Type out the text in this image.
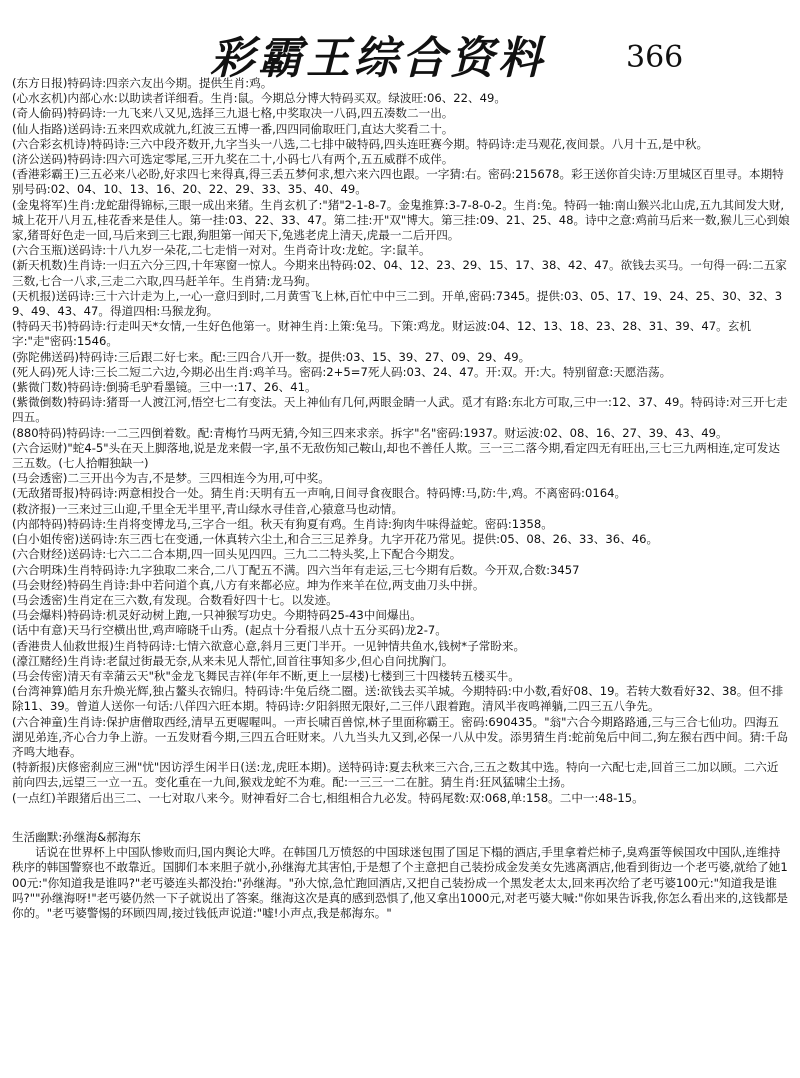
彩霸王综合资料	366
(东方日报)特码诗:四亲六友出今期。提供生肖:鸡。
(心水玄机)内部心水:以助读者详细看。生肖:鼠。今期总分博大特码买双。绿波旺:06、22、49。
(奇人偷码)特码诗:一九飞来八又见,选择三九退七格,中奖取决一八码,四五凑数二一出。
(仙人指路)送码诗:五来四欢成就九,红波三五博一番,四四同偷取旺门,直达大奖看二十。
(六合彩玄机诗)特码诗:三六中段齐数开,九字当头一八选,二七排中破特码,四头连旺赛今期。特码诗:走马观花,夜间景。八月十五,是中秋。
(济公送码)特码诗:四六可选定零尾,三开九奖在二十,小码七八有两个,五五威群不成伴。
(香港彩霸王)三五必来八必盼,好求四七来得真,得三丢五梦何求,想六来六四也跟。一字猜:右。密码:215678。彩王送你首尖诗:万里城区百里寻。本期特别号码:02、04、10、13、16、20、22、29、33、35、40、49。
(金鬼将军)生肖:龙蛇甜得锦标,三眼一成出来猪。生肖玄机了:"猪"2-1-8-7。金鬼推算:3-7-8-0-2。生肖:兔。特码一轴:南山猴兴北山虎,五九其间发大财,城上花开八月五,桂花香来是佳人。第一挂:03、22、33、47。第二挂:开"双"博大。第三挂:09、21、25、48。诗中之意:鸡前马后来一数,猴儿三心到娘家,猪哥好色走一回,马后来到三七跟,狗胆第一闻天下,兔逃老虎上清天,虎最一二后开四。
(六合玉瓶)送码诗:十八九岁一朵花,二七走悄一对对。生肖奇计攻:龙蛇。字:鼠羊。
(新天机数)生肖诗:一归五六分三四,十年寒窗一惊人。今期来出特码:02、04、12、23、29、15、17、38、42、47。欲钱去买马。一句得一码:二五家三数,七合一八求,三走二六取,四马赶羊年。生肖猜:龙马狗。
(天机报)送码诗:三十六计走为上,一心一意归到时,二月黄雪飞上林,百忙中中三二到。开单,密码:7345。提供:03、05、17、19、24、25、30、32、39、49、43、47。得道四相:马猴龙狗。
(特码天书)特码诗:行走叫天*女情,一生好色他第一。财神生肖:上策:兔马。下策:鸡龙。财运波:04、12、13、18、23、28、31、39、47。玄机字:"走"密码:1546。
(弥陀佛送码)特码诗:三后跟二好七来。配:三四合八开一数。提供:03、15、39、27、09、29、49。
(死人码)死人诗:三长二短二六边,今期必出生肖:鸡羊马。密码:2+5=7死人码:03、24、47。开:双。开:大。特别留意:天愿浩荡。
(紫微门数)特码诗:倒骑毛驴看墨镜。三中一:17、26、41。
(紫微倒数)特码诗:猪哥一人渡江河,悟空七二有变法。天上神仙有几何,两眼金睛一人武。觅才有路:东北方可取,三中一:12、37、49。特码诗:对三开七走四五。
(880特码)特码诗:一二三四倒着数。配:青梅竹马两无猜,今知三四来求亲。拆字"名"密码:1937。财运波:02、08、16、27、39、43、49。
(六合运财)"蛇4-5"头在天上脚落地,说是龙来假一字,虽不无敌伤知己鞍山,却也不善任人欺。三一三二落今期,看定四无有旺出,三七三九两相连,定可发达三五数。(七人拾帽独缺一)
(马会透密)二三开出今为吉,不是梦。三四相连今为用,可中奖。
(无敌猪哥报)特码诗:两意相投合一处。猜生肖:天明有五一声响,日间寻食夜眼合。特码博:马,防:牛,鸡。不离密码:0164。
(救济报)一三来过三山迎,千里全无半里平,青山绿水寻佳音,心猿意马也动情。
(内部特码)特码诗:生肖将变博龙马,三字合一组。秋天有狗夏有鸡。生肖诗:狗肉牛味得益蛇。密码:1358。
(白小姐传密)送码诗:东三西七在变通,一休真转六尘土,和合三三足养身。九字开花乃常见。提供:05、08、26、33、36、46。
(六合财经)送码诗:七六二二合本期,四一回头见四四。三九二二特头奖,上下配合今期发。
(六合明珠)生肖特码诗:九字独取二来合,二八丁配五不满。四六当年有走运,三七今期有后数。今开双,合数:3457
(马会财经)特码生肖诗:卦中若问道个真,八方有来都必应。坤为作来羊在位,两支曲刀头中拼。
(马会透密)生肖定在三六数,有发现。合数看好四十七。以发迹。
(马会爆料)特码诗:机灵好动树上跑,一只神猴写功史。今期特码25-43中间爆出。
(话中有意)天马行空横出世,鸡声啼晓千山秀。(起点十分看报八点十五分买码)龙2-7。
(香港贵人仙救世报)生肖特码诗:七情六欲意心意,斜月三更门半开。一见钟情共鱼水,钱树*子常盼来。
(濠江赌经)生肖诗:老鼠过街最无奈,从来未见人帮忙,回首往事知多少,但心自问扰胸门。
(马会传密)清天有幸蒲云天"秋"金龙飞舞民吉祥(年年不断,更上一层楼)七楼到三十四楼转五楼买牛。
(台湾神算)皓月东升焕光辉,独占鳌头衣锦归。特码诗:牛兔后绕二圈。送:欲钱去买羊城。今期特码:中小数,看好08、19。若转大数看好32、38。但不排除11、39。曾道人送你一句话:八佯四六旺本期。特码诗:夕阳斜照无限好,二三伴八跟着跑。清风半夜鸣禅躺,二四三五八争先。
(六合神童)生肖诗:保护唐僧取西经,清早五更喔喔叫。一声长啸百兽惊,林子里面称霸王。密码:690435。"翁"六合今期路路通,三与三合七仙功。四海五湖见弟连,齐心合力争上游。一五发财看今期,三四五合旺财来。八九当头九又到,必保一八从中发。添男猜生肖:蛇前兔后中间二,狗左猴右西中间。猜:千岛齐鸣大地春。
(特新报)庆修密刹应三洲"忧"因访浮生闲半日(送:龙,虎旺本期)。送特码诗:夏去秋来三六合,三五之数其中选。特向一六配七走,回首三二加以顾。二六近前向四去,远望三一立一五。变化重在一九间,猴戏龙蛇不为难。配:一三三一二在脏。猜生肖:狂风猛啸尘土扬。
(一点红)羊跟猪后出三二、一七对取八来今。财神看好二合七,相组相合九必发。特码尾数:双:068,单:158。二中一:48-15。
生活幽默:孙继海&郝海东
话说在世界杯上中国队惨败而归,国内舆论大哗。在韩国几万愤怒的中国球迷包围了国足下榻的酒店,手里拿着烂柿子,臭鸡蛋等候国攻中国队,连维持秩序的韩国警察也不敢靠近。国脚们本来胆子就小,孙继海尤其害怕,于是想了个主意把自己装扮成金发美女先逃离酒店,他看到街边一个老丐婆,就给了她100元:"你知道我是谁吗?"老丐婆连头都没抬:"孙继海。"孙大惊,急忙跑回酒店,又把自己装扮成一个黑发老太太,回来再次给了老丐婆100元:"知道我是谁吗?""孙继海呀!"老丐婆仍然一下子就说出了答案。继海这次是真的感到恐惧了,他又拿出1000元,对老丐婆大喊:"你如果告诉我,你怎么看出来的,这钱都是你的。"老丐婆警惕的环顾四周,接过钱低声说道:"嘘!小声点,我是郝海东。"
